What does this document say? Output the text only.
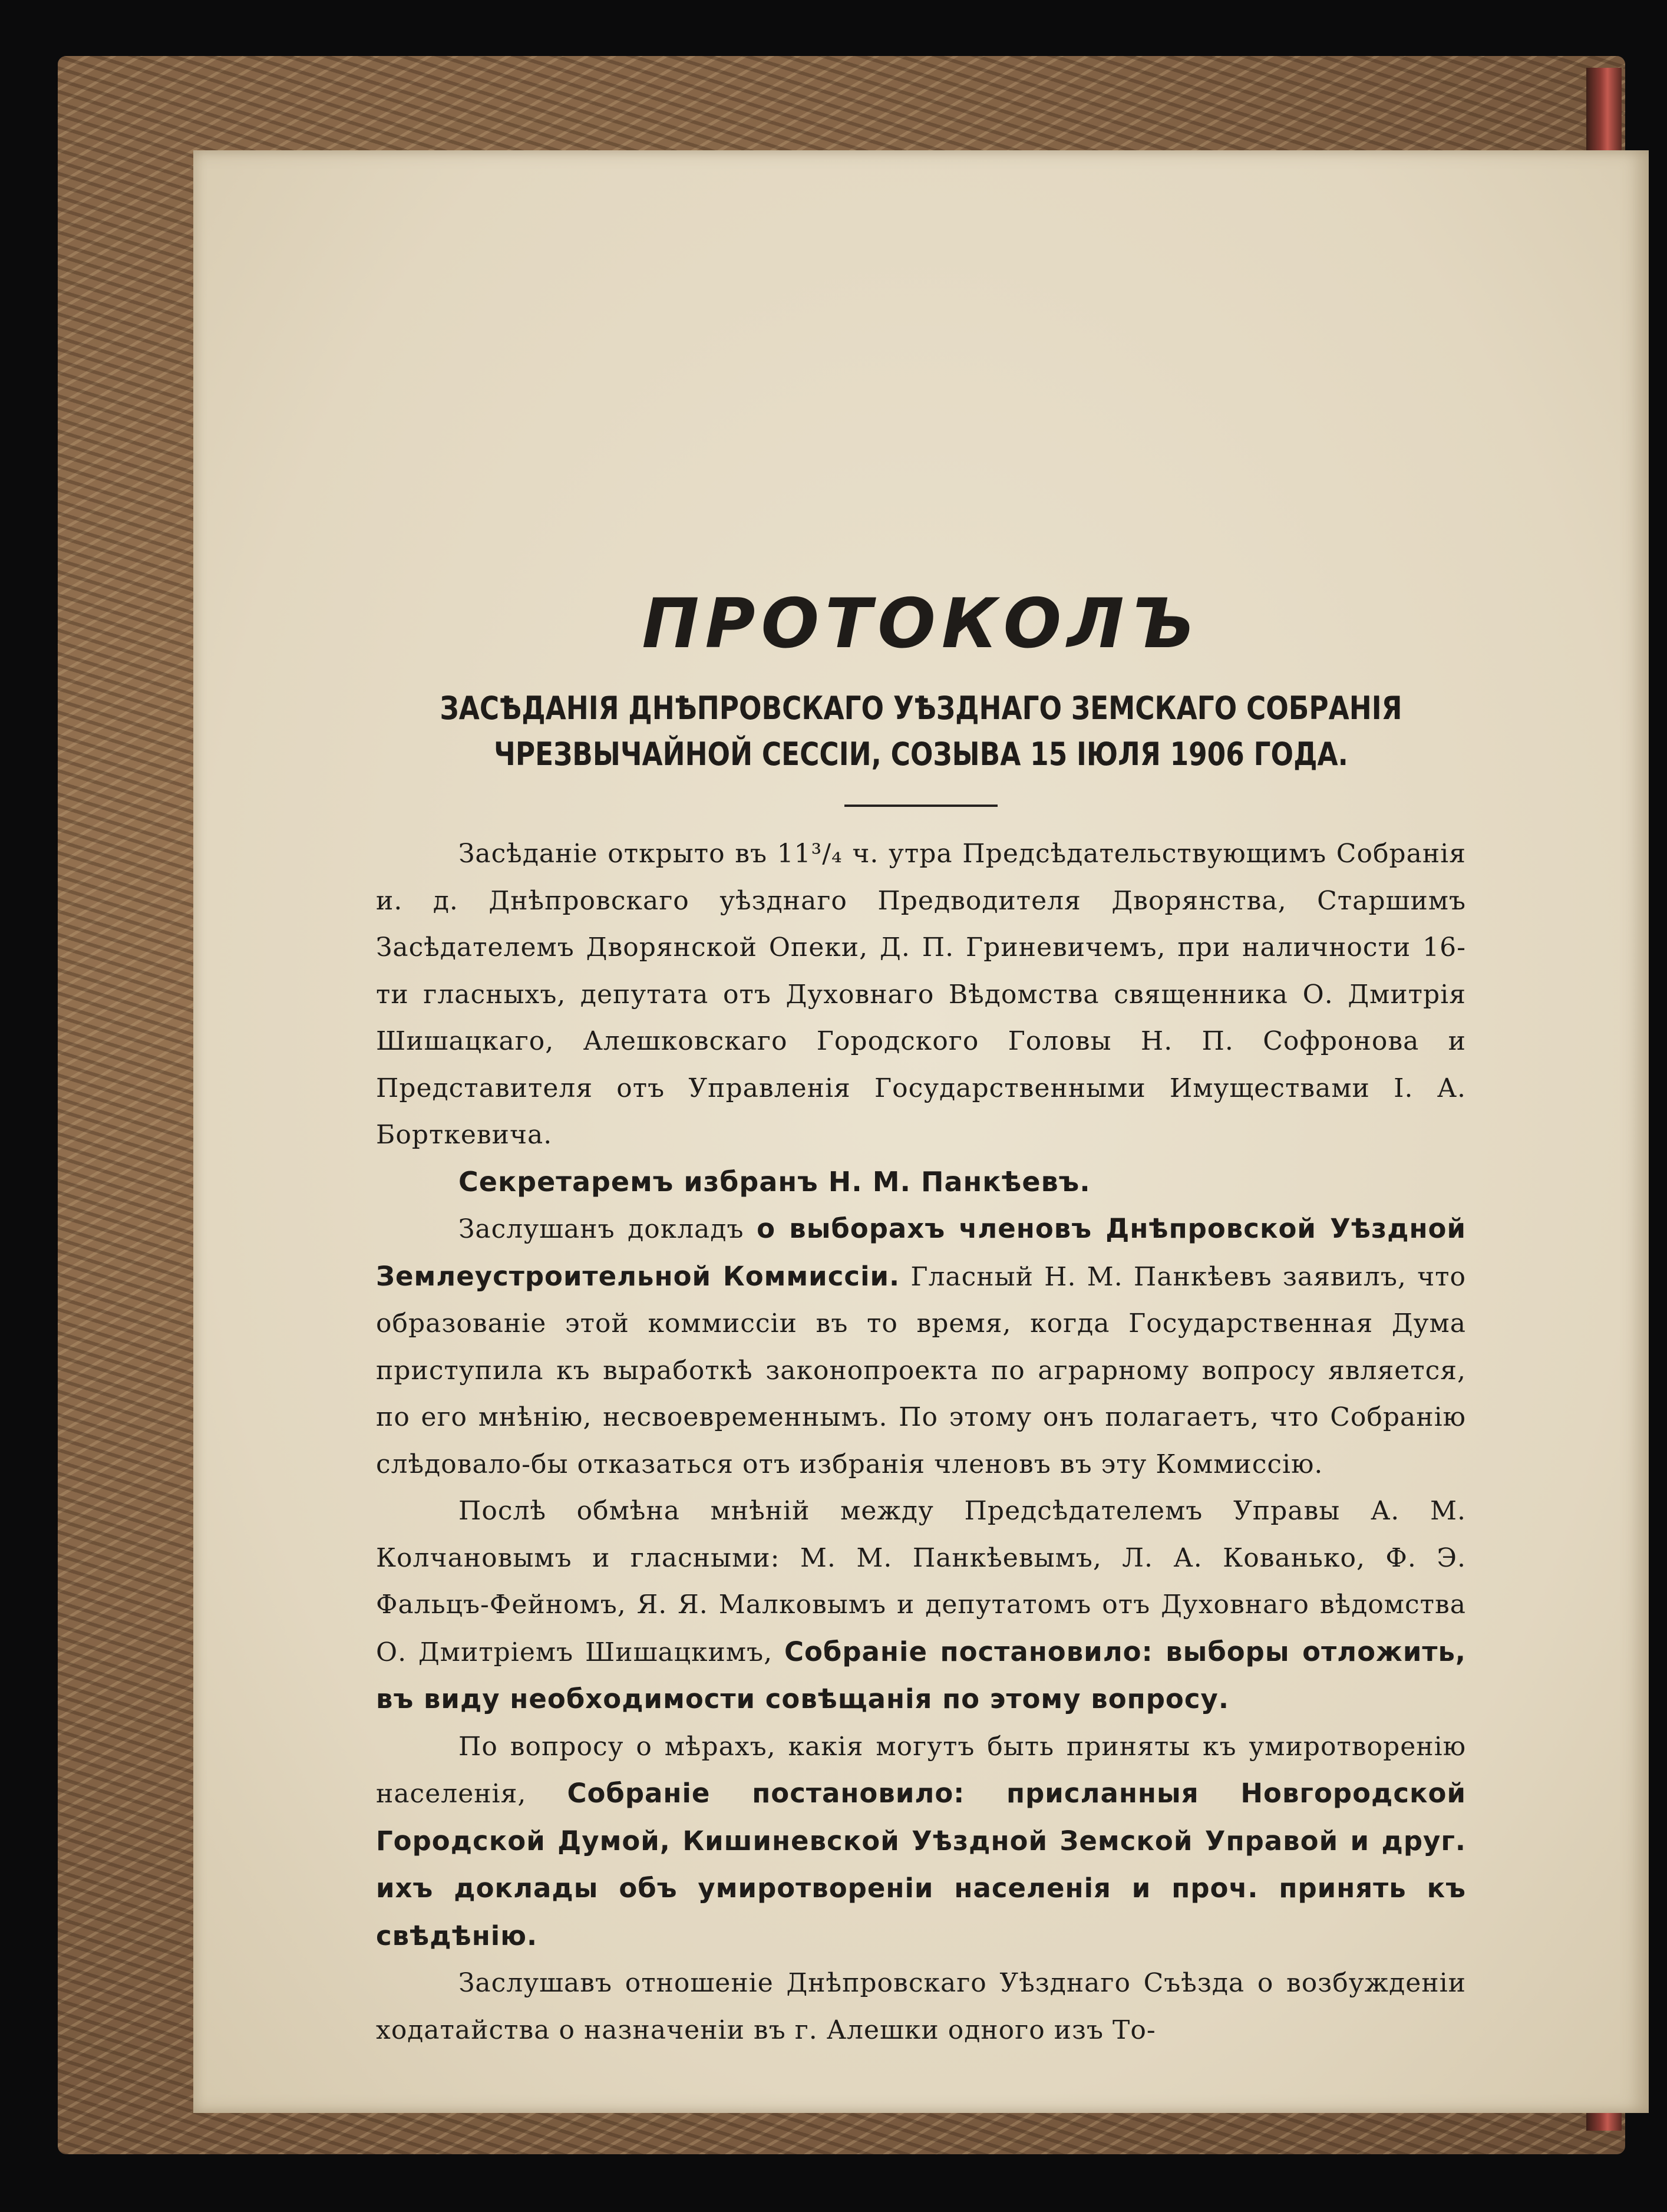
ПРОТОКОЛЪ
ЗАСѢДАНІЯ ДНѢПРОВСКАГО УѢЗДНАГО ЗЕМСКАГО СОБРАНІЯ
ЧРЕЗВЫЧАЙНОЙ СЕССІИ, СОЗЫВА 15 ІЮЛЯ 1906 ГОДА.

Засѣданіе открыто въ 11³/₄ ч. утра Предсѣдательствующимъ Собранія и. д. Днѣпровскаго уѣзднаго Предводителя Дворянства, Старшимъ Засѣдателемъ Дворянской Опеки, Д. П. Гриневичемъ, при наличности 16-ти гласныхъ, депутата отъ Духовнаго Вѣдомства священника О. Дмитрія Шишацкаго, Алешковскаго Городского Головы Н. П. Софронова и Представителя отъ Управленія Государственными Имуществами I. А. Борткевича.

Секретаремъ избранъ Н. М. Панкѣевъ.

Заслушанъ докладъ о выборахъ членовъ Днѣпровской Уѣздной Землеустроительной Коммиссіи. Гласный Н. М. Панкѣевъ заявилъ, что образованіе этой коммиссіи въ то время, когда Государственная Дума приступила къ выработкѣ законопроекта по аграрному вопросу является, по его мнѣнію, несвоевременнымъ. По этому онъ полагаетъ, что Собранію слѣдовало-бы отказаться отъ избранія членовъ въ эту Коммиссію.

Послѣ обмѣна мнѣній между Предсѣдателемъ Управы А. М. Колчановымъ и гласными: М. М. Панкѣевымъ, Л. А. Кованько, Ф. Э. Фальцъ-Фейномъ, Я. Я. Малковымъ и депутатомъ отъ Духовнаго вѣдомства О. Дмитріемъ Шишацкимъ, Собраніе постановило: выборы отложить, въ виду необходимости совѣщанія по этому вопросу.

По вопросу о мѣрахъ, какія могутъ быть приняты къ умиротворенію населенія, Собраніе постановило: присланныя Новгородской Городской Думой, Кишиневской Уѣздной Земской Управой и друг. ихъ доклады объ умиротвореніи населенія и проч. принять къ свѣдѣнію.

Заслушавъ отношеніе Днѣпровскаго Уѣзднаго Съѣзда о возбужденіи ходатайства о назначеніи въ г. Алешки одного изъ То-
